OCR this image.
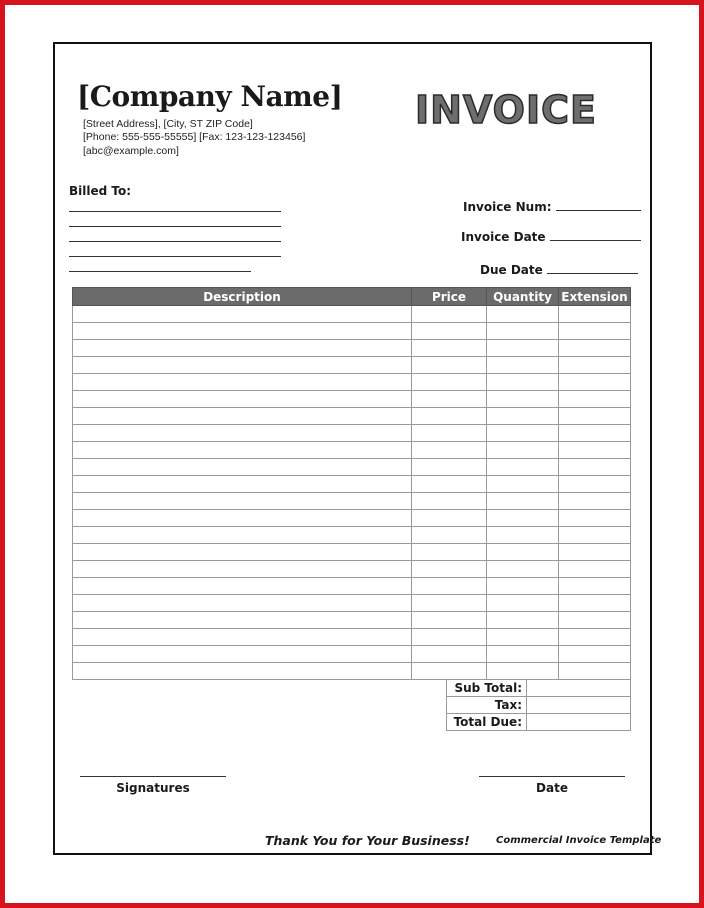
[Company Name]
[Street Address], [City, ST ZIP Code]
[Phone: 555-555-55555] [Fax: 123-123-123456]
[abc@example.com]
INVOICE
Billed To:
Invoice Num:
Invoice Date
Due Date
Description	Price	Quantity	Extension

Sub Total:	
Tax:	
Total Due:	
Signatures	Date
Thank You for Your Business!	Commercial Invoice Template
